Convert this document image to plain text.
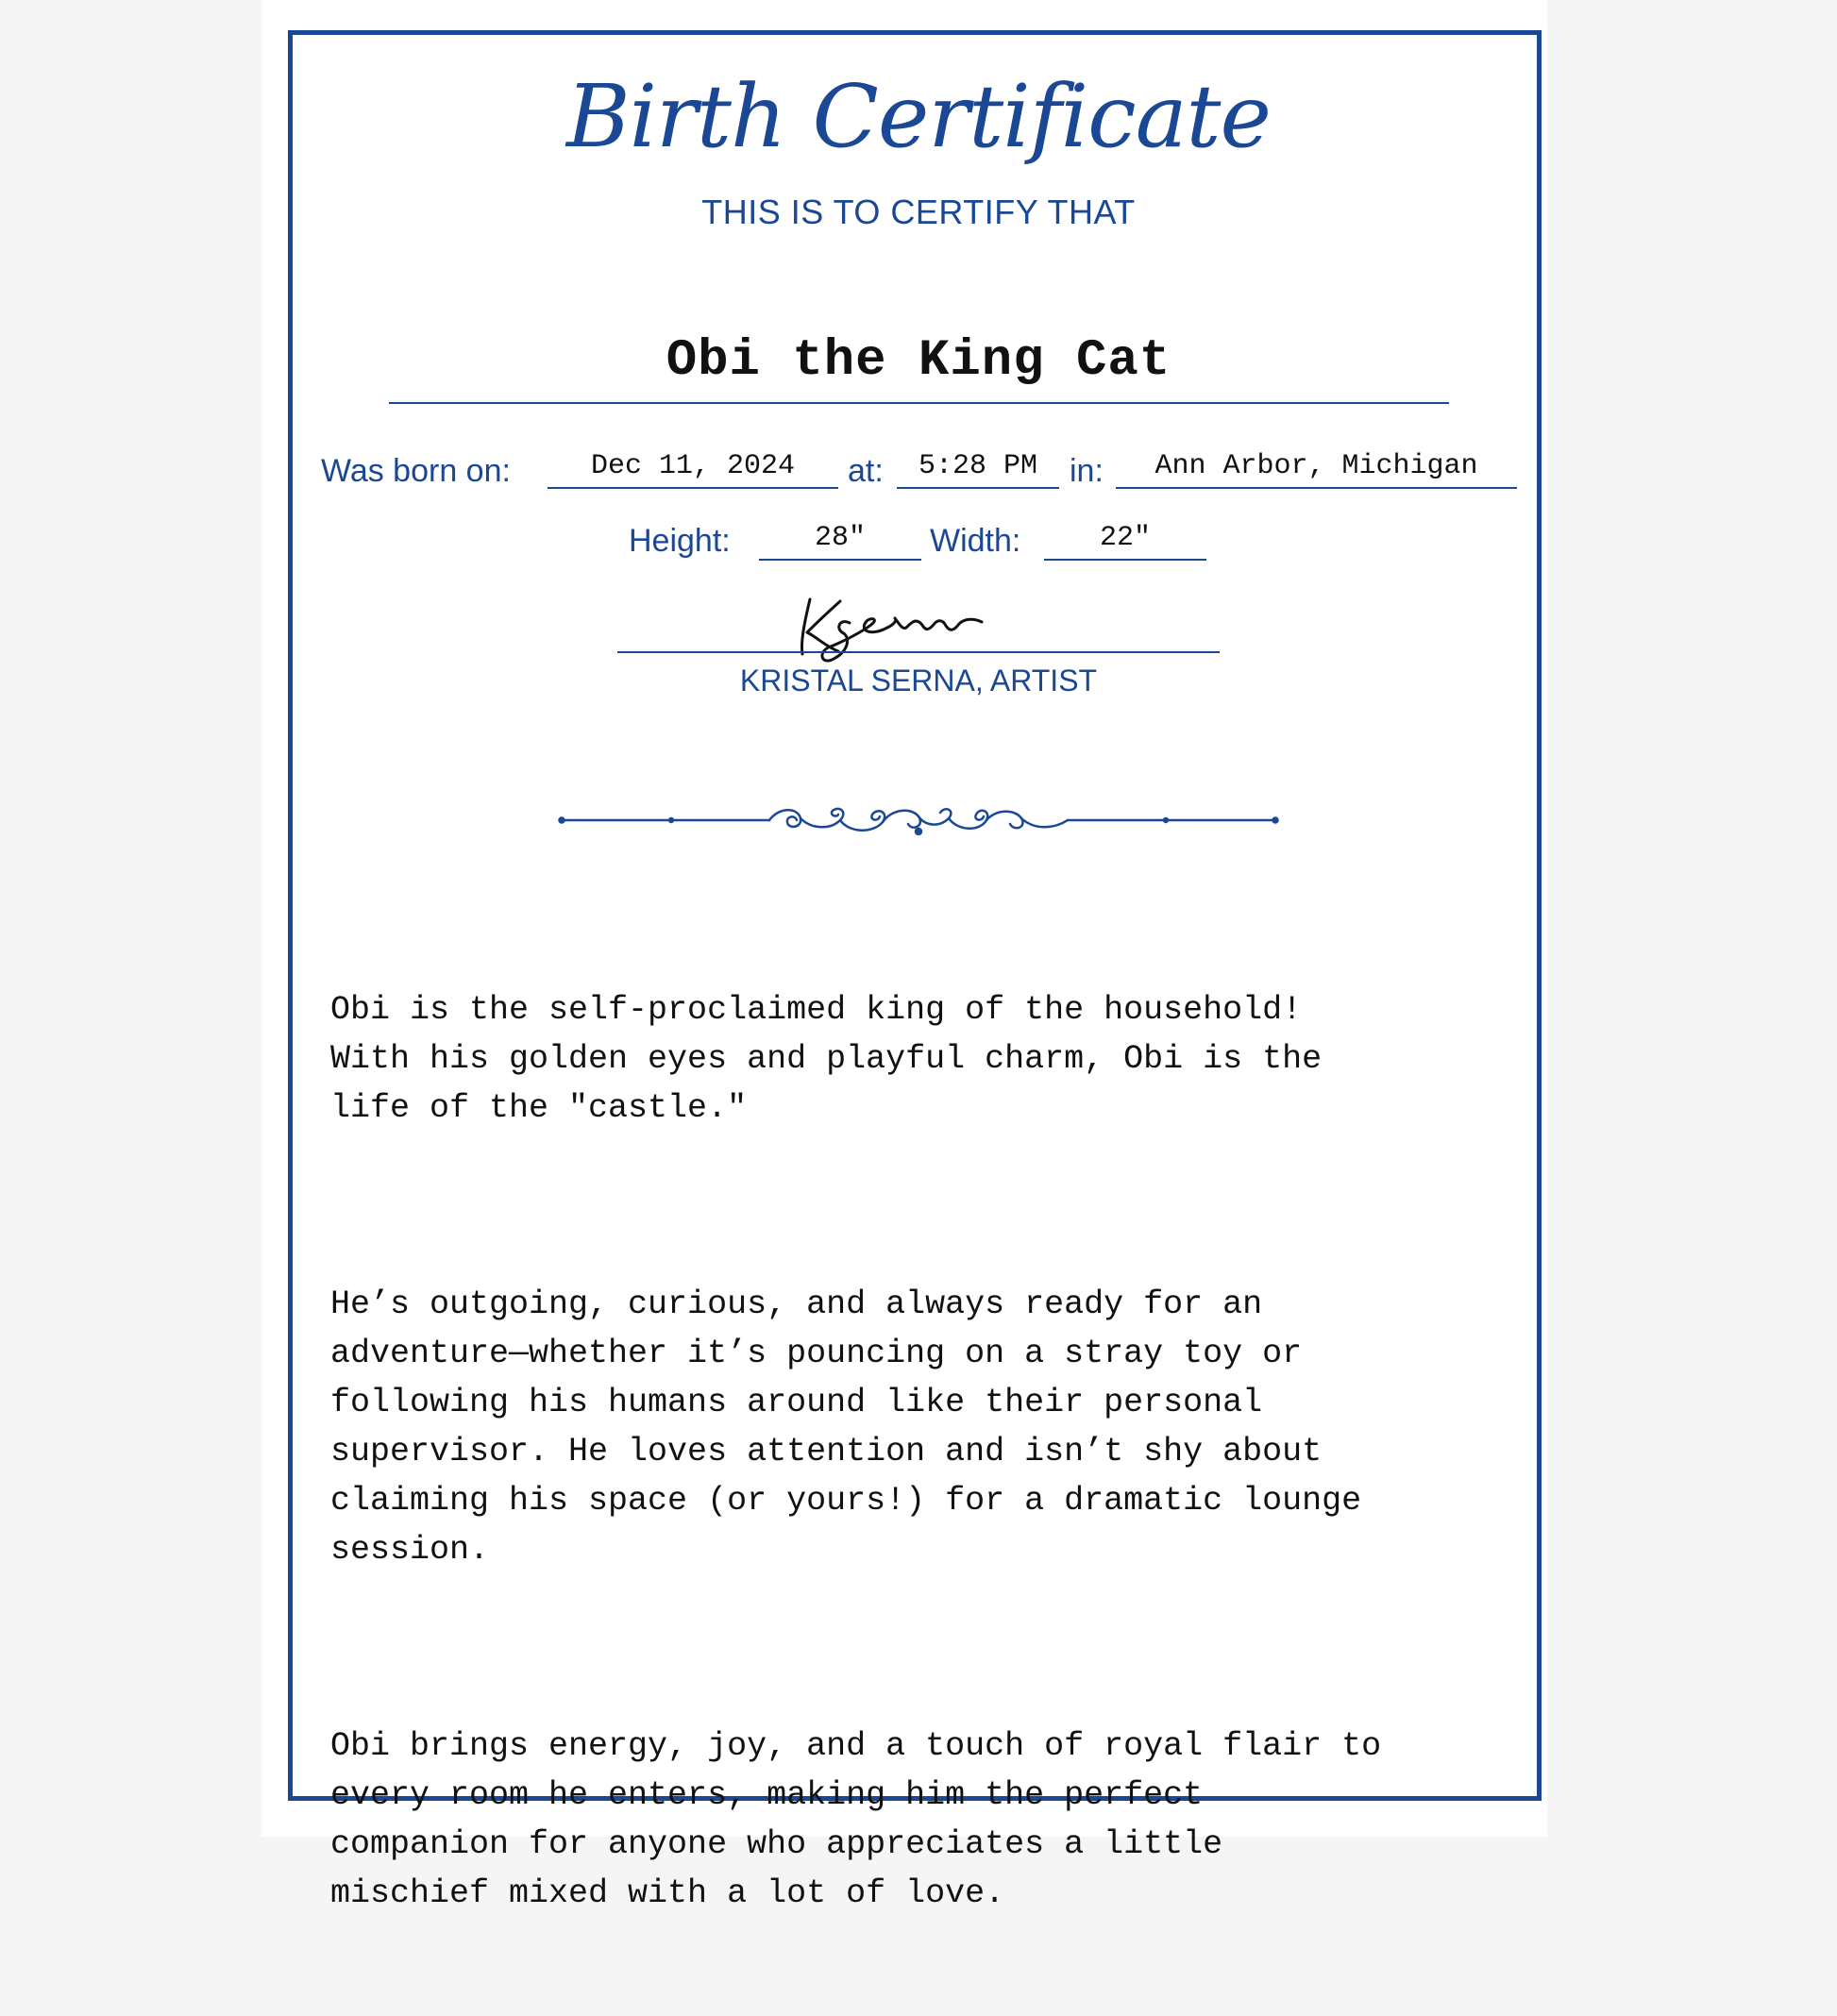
Birth Certificate
THIS IS TO CERTIFY THAT
Obi the King Cat
Was born on:	Dec 11, 2024	at:	5:28 PM in:	Ann Arbor, Michigan
Height:	28"	Width:	22"
KRISTAL SERNA, ARTIST

Obi is the self-proclaimed king of the household!
With his golden eyes and playful charm, Obi is the
life of the "castle."

He’s outgoing, curious, and always ready for an
adventure—whether it’s pouncing on a stray toy or
following his humans around like their personal
supervisor. He loves attention and isn’t shy about
claiming his space (or yours!) for a dramatic lounge
session.

Obi brings energy, joy, and a touch of royal flair to
every room he enters, making him the perfect
companion for anyone who appreciates a little
mischief mixed with a lot of love.
